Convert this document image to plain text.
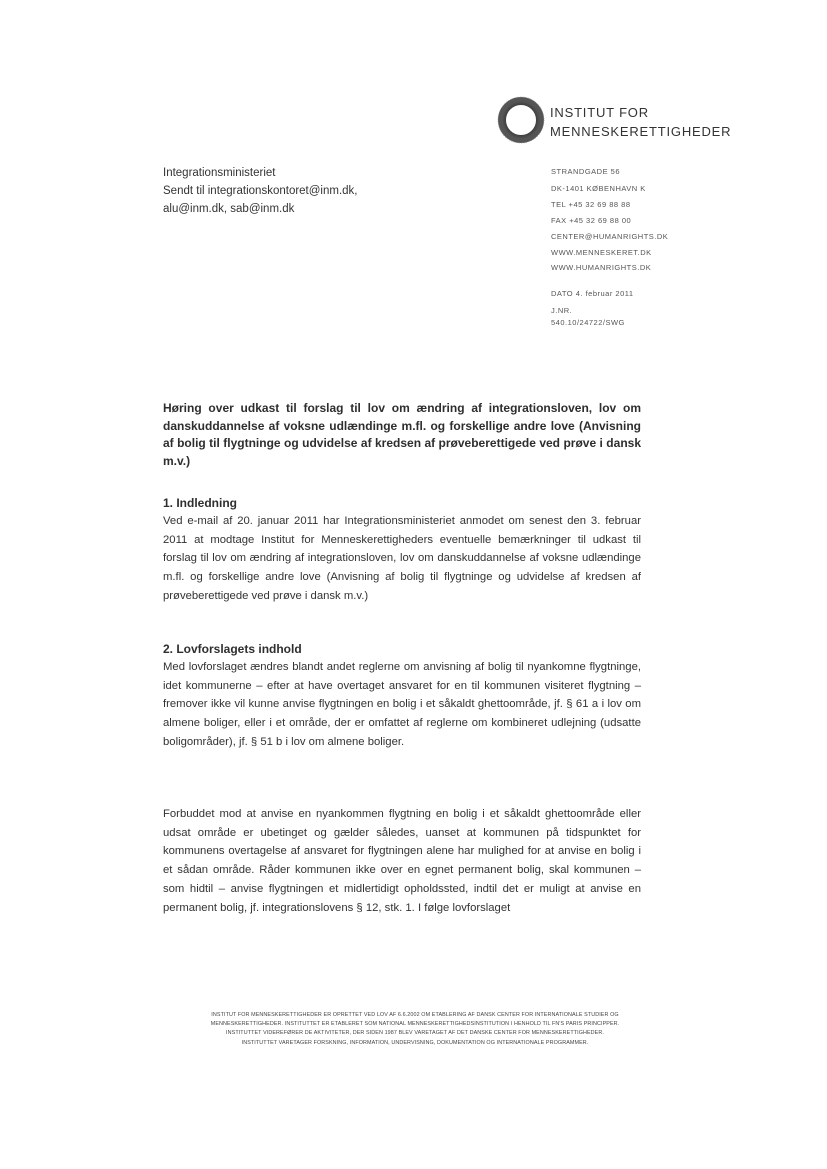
INSTITUT FOR
MENNESKERETTIGHEDER
Integrationsministeriet
Sendt til integrationskontoret@inm.dk,
alu@inm.dk, sab@inm.dk
STRANDGADE 56
DK-1401 KØBENHAVN K
TEL +45 32 69 88 88
FAX +45 32 69 88 00
CENTER@HUMANRIGHTS.DK
WWW.MENNESKERET.DK
WWW.HUMANRIGHTS.DK
DATO 4. februar 2011
J.NR.
540.10/24722/SWG
Høring over udkast til forslag til lov om ændring af integrationsloven, lov om danskuddannelse af voksne udlændinge m.fl. og forskellige andre love (Anvisning af bolig til flygtninge og udvidelse af kredsen af prøveberettigede ved prøve i dansk m.v.)
1. Indledning
Ved e-mail af 20. januar 2011 har Integrationsministeriet anmodet om senest den 3. februar 2011 at modtage Institut for Menneskerettigheders eventuelle bemærkninger til udkast til forslag til lov om ændring af integrationsloven, lov om danskuddannelse af voksne udlændinge m.fl. og forskellige andre love (Anvisning af bolig til flygtninge og udvidelse af kredsen af prøveberettigede ved prøve i dansk m.v.)
2. Lovforslagets indhold
Med lovforslaget ændres blandt andet reglerne om anvisning af bolig til nyankomne flygtninge, idet kommunerne – efter at have overtaget ansvaret for en til kommunen visiteret flygtning – fremover ikke vil kunne anvise flygtningen en bolig i et såkaldt ghettoområde, jf. § 61 a i lov om almene boliger, eller i et område, der er omfattet af reglerne om kombineret udlejning (udsatte boligområder), jf. § 51 b i lov om almene boliger.
Forbuddet mod at anvise en nyankommen flygtning en bolig i et såkaldt ghettoområde eller udsat område er ubetinget og gælder således, uanset at kommunen på tidspunktet for kommunens overtagelse af ansvaret for flygtningen alene har mulighed for at anvise en bolig i et sådan område. Råder kommunen ikke over en egnet permanent bolig, skal kommunen – som hidtil – anvise flygtningen et midlertidigt opholdssted, indtil det er muligt at anvise en permanent bolig, jf. integrationslovens § 12, stk. 1. I følge lovforslaget
INSTITUT FOR MENNESKERETTIGHEDER ER OPRETTET VED LOV AF 6.6.2002 OM ETABLERING AF DANSK CENTER FOR INTERNATIONALE STUDIER OG
MENNESKERETTIGHEDER. INSTITUTTET ER ETABLERET SOM NATIONAL MENNESKERETTIGHEDSINSTITUTION I HENHOLD TIL FN'S PARIS PRINCIPPER.
INSTITUTTET VIDEREFØRER DE AKTIVITETER, DER SIDEN 1987 BLEV VARETAGET AF DET DANSKE CENTER FOR MENNESKERETTIGHEDER.
INSTITUTTET VARETAGER FORSKNING, INFORMATION, UNDERVISNING, DOKUMENTATION OG INTERNATIONALE PROGRAMMER.
